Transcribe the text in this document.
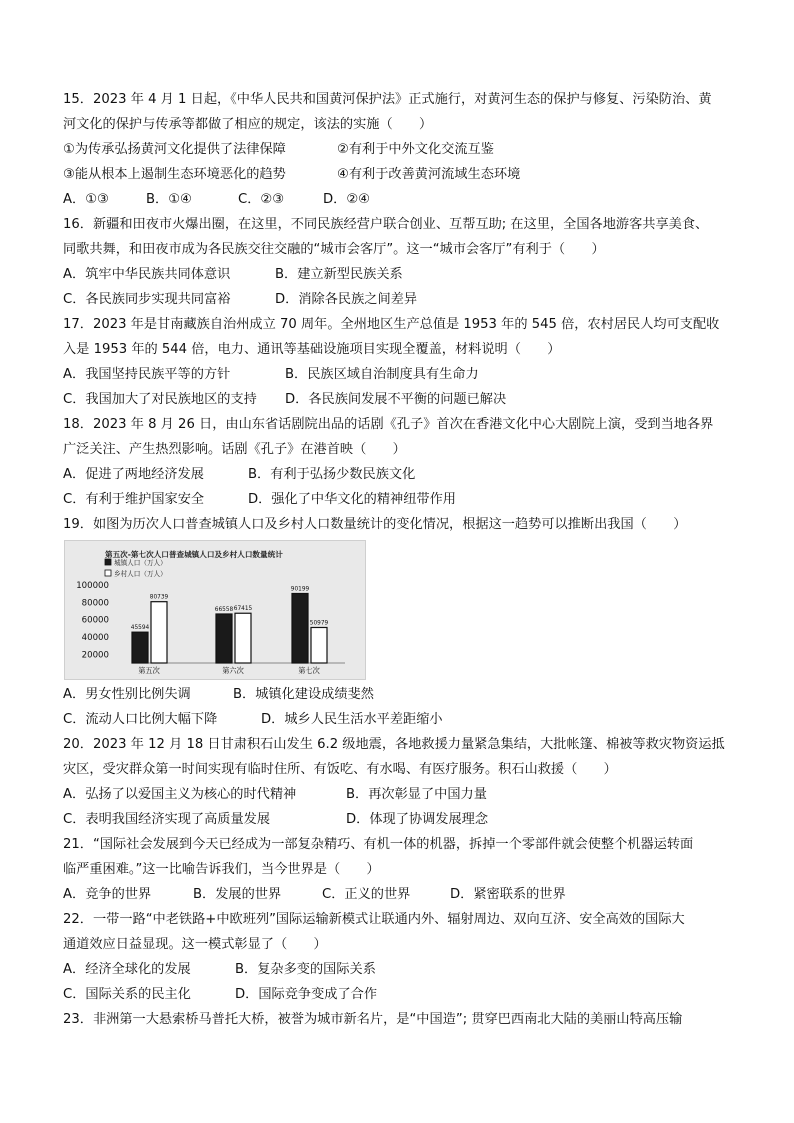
15．2023 年 4 月 1 日起，《中华人民共和国黄河保护法》正式施行，对黄河生态的保护与修复、污染防治、黄
河文化的保护与传承等都做了相应的规定，该法的实施（　　）
①为传承弘扬黄河文化提供了法律保障	②有利于中外文化交流互鉴
③能从根本上遏制生态环境恶化的趋势	④有利于改善黄河流域生态环境
A．①③	B．①④	C．②③	D．②④
16．新疆和田夜市火爆出圈，在这里，不同民族经营户联合创业、互帮互助; 在这里，全国各地游客共享美食、
同歌共舞，和田夜市成为各民族交往交融的“城市会客厅”。这一“城市会客厅”有利于（　　）
A．筑牢中华民族共同体意识	B．建立新型民族关系
C．各民族同步实现共同富裕	D．消除各民族之间差异
17．2023 年是甘南藏族自治州成立 70 周年。全州地区生产总值是 1953 年的 545 倍，农村居民人均可支配收
入是 1953 年的 544 倍，电力、通讯等基础设施项目实现全覆盖，材料说明（　　）
A．我国坚持民族平等的方针	B．民族区域自治制度具有生命力
C．我国加大了对民族地区的支持 D．各民族间发展不平衡的问题已解决
18．2023 年 8 月 26 日，由山东省话剧院出品的话剧《孔子》首次在香港文化中心大剧院上演，受到当地各界
广泛关注、产生热烈影响。话剧《孔子》在港首映（　　）
A．促进了两地经济发展	B．有利于弘扬少数民族文化
C．有利于维护国家安全	D．强化了中华文化的精神纽带作用
19．如图为历次人口普查城镇人口及乡村人口数量统计的变化情况，根据这一趋势可以推断出我国（　　）
第五次-第七次人口普查城镇人口及乡村人口数量统计
城镇人口（万人）
乡村人口（万人）
100000
80000
60000
40000
20000
45594
80739
第五次
66558 67415
第六次
90199
50979
第七次
A．男女性别比例失调	B．城镇化建设成绩斐然
C．流动人口比例大幅下降	D．城乡人民生活水平差距缩小
20．2023 年 12 月 18 日甘肃积石山发生 6.2 级地震，各地救援力量紧急集结，大批帐篷、棉被等救灾物资运抵
灾区，受灾群众第一时间实现有临时住所、有饭吃、有水喝、有医疗服务。积石山救援（　　）
A．弘扬了以爱国主义为核心的时代精神	B．再次彰显了中国力量
C．表明我国经济实现了高质量发展	D．体现了协调发展理念
21．“国际社会发展到今天已经成为一部复杂精巧、有机一体的机器，拆掉一个零部件就会使整个机器运转面
临严重困难。”这一比喻告诉我们，当今世界是（　　）
A．竞争的世界	B．发展的世界	C．正义的世界	D．紧密联系的世界
22．一带一路“中老铁路+中欧班列”国际运输新模式让联通内外、辐射周边、双向互济、安全高效的国际大
通道效应日益显现。这一模式彰显了（　　）
A．经济全球化的发展	B．复杂多变的国际关系
C．国际关系的民主化	D．国际竞争变成了合作
23．非洲第一大悬索桥马普托大桥，被誉为城市新名片，是“中国造”; 贯穿巴西南北大陆的美丽山特高压输
